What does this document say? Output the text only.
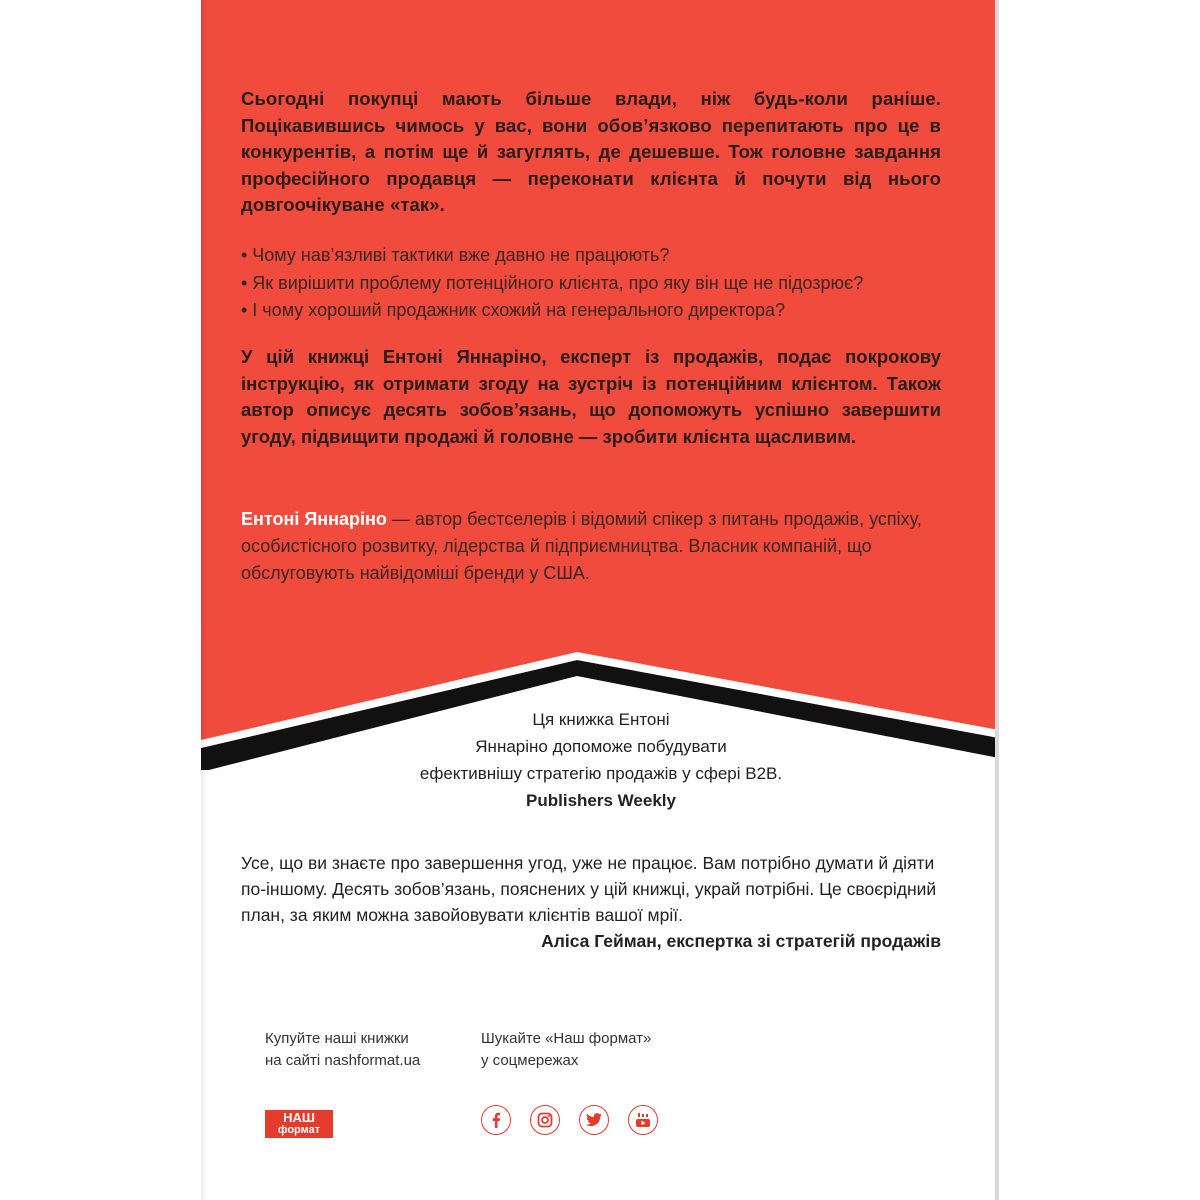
Сьогодні покупці мають більше влади, ніж будь-коли раніше. Поцікавившись чимось у вас, вони обов’язково перепитають про це в конкурентів, а потім ще й загуглять, де дешевше. Тож головне завдання професійного продавця — переконати клієнта й почути від нього довгоочікуване «так».

• Чому нав’язливі тактики вже давно не працюють?
• Як вирішити проблему потенційного клієнта, про яку він ще не підозрює?
• І чому хороший продажник схожий на генерального директора?
У цій книжці Ентоні Яннаріно, експерт із продажів, подає покрокову інструкцію, як отримати згоду на зустріч із потенційним клієнтом. Також автор описує десять зобов’язань, що допоможуть успішно завершити угоду, підвищити продажі й головне — зробити клієнта щасливим.
Ентоні Яннаріно — автор бестселерів і відомий спікер з питань продажів, успіху, особистісного розвитку, лідерства й підприємництва. Власник компаній, що обслуговують найвідоміші бренди у США.
Ця книжка Ентоні
Яннаріно допоможе побудувати
ефективнішу стратегію продажів у сфері B2B.
Publishers Weekly
Усе, що ви знаєте про завершення угод, уже не працює. Вам потрібно думати й діяти по-іншому. Десять зобов’язань, пояснених у цій книжці, украй потрібні. Це своєрідний план, за яким можна завойовувати клієнтів вашої мрії.
Аліса Гейман, експертка зі стратегій продажів
Купуйте наші книжки
на сайті nashformat.ua
Шукайте «Наш формат»
у соцмережах
НАШ
формат
